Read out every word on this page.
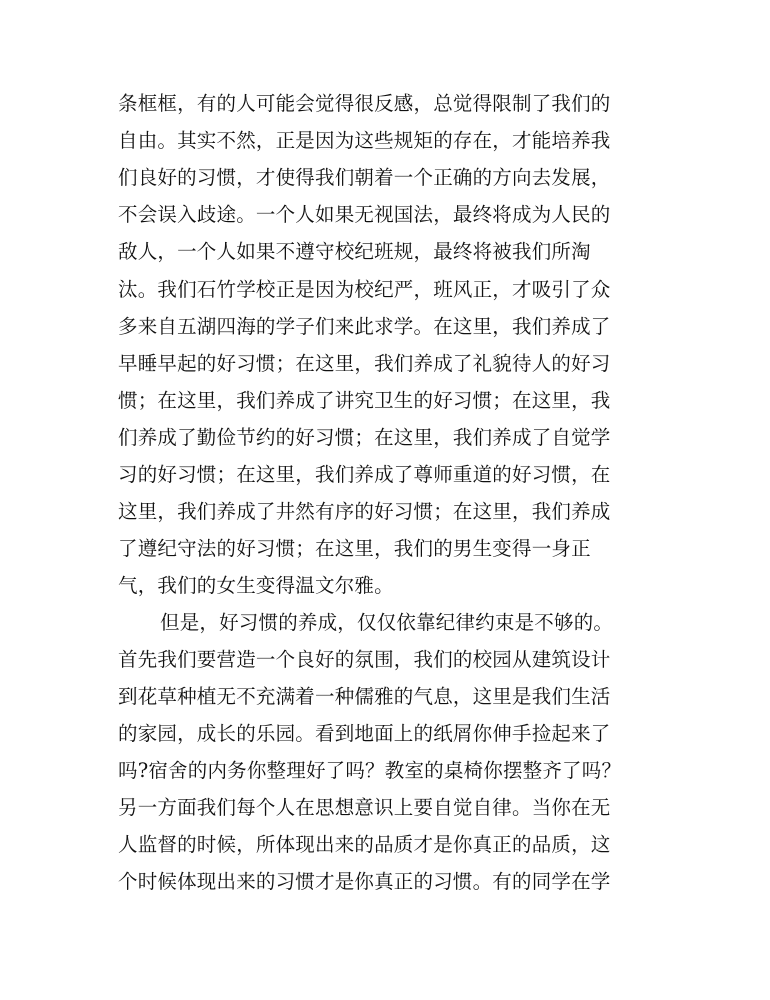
条框框，有的人可能会觉得很反感，总觉得限制了我们的
自由。其实不然，正是因为这些规矩的存在，才能培养我
们良好的习惯，才使得我们朝着一个正确的方向去发展，
不会误入歧途。一个人如果无视国法，最终将成为人民的
敌人，一个人如果不遵守校纪班规，最终将被我们所淘
汰。我们石竹学校正是因为校纪严，班风正，才吸引了众
多来自五湖四海的学子们来此求学。在这里，我们养成了
早睡早起的好习惯；在这里，我们养成了礼貌待人的好习
惯；在这里，我们养成了讲究卫生的好习惯；在这里，我
们养成了勤俭节约的好习惯；在这里，我们养成了自觉学
习的好习惯；在这里，我们养成了尊师重道的好习惯，在
这里，我们养成了井然有序的好习惯；在这里，我们养成
了遵纪守法的好习惯；在这里，我们的男生变得一身正
气，我们的女生变得温文尔雅。
但是，好习惯的养成，仅仅依靠纪律约束是不够的。
首先我们要营造一个良好的氛围，我们的校园从建筑设计
到花草种植无不充满着一种儒雅的气息，这里是我们生活
的家园，成长的乐园。看到地面上的纸屑你伸手捡起来了
吗?宿舍的内务你整理好了吗？教室的桌椅你摆整齐了吗？
另一方面我们每个人在思想意识上要自觉自律。当你在无
人监督的时候，所体现出来的品质才是你真正的品质，这
个时候体现出来的习惯才是你真正的习惯。有的同学在学
